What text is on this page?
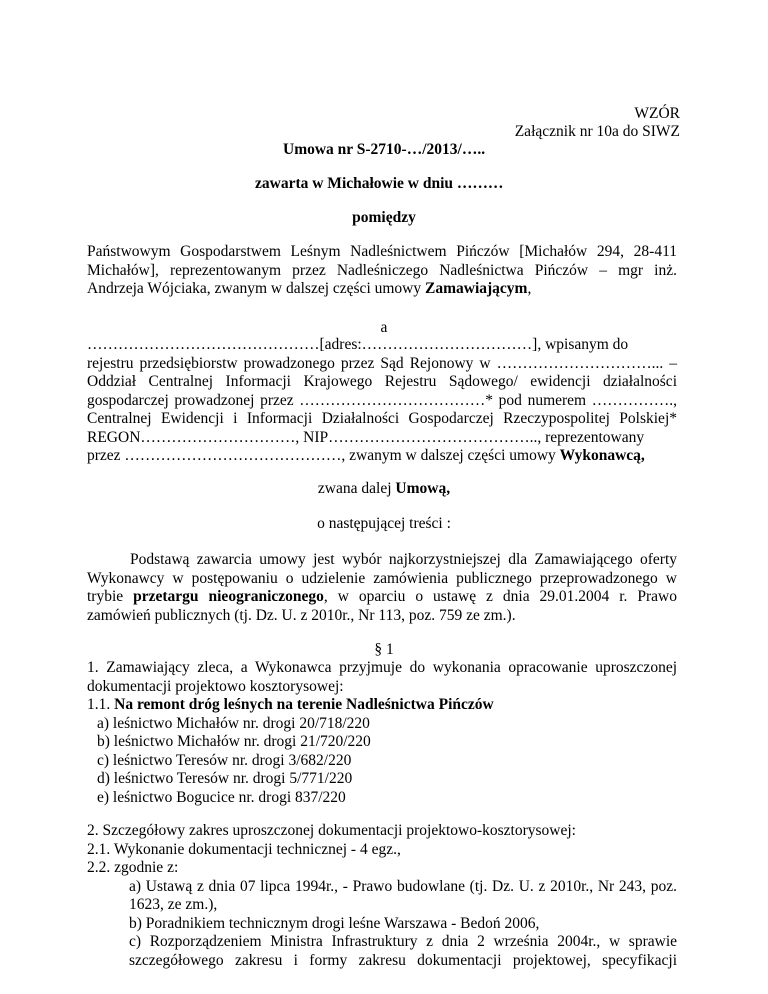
WZÓR
Załącznik nr 10a do SIWZ
Umowa nr S-2710-…/2013/…..
zawarta w Michałowie w dniu ………
pomiędzy
Państwowym Gospodarstwem Leśnym Nadleśnictwem Pińczów [Michałów 294, 28-411
Michałów], reprezentowanym przez Nadleśniczego Nadleśnictwa Pińczów – mgr inż.
Andrzeja Wójciaka, zwanym w dalszej części umowy Zamawiającym,
a
………………………………………[adres:……………………………], wpisanym do
rejestru przedsiębiorstw prowadzonego przez Sąd Rejonowy w …………………………... –
Oddział Centralnej Informacji Krajowego Rejestru Sądowego/ ewidencji działalności
gospodarczej prowadzonej przez ………………………………* pod numerem …………….,
Centralnej Ewidencji i Informacji Działalności Gospodarczej Rzeczypospolitej Polskiej*
REGON…………………………, NIP………………………………….., reprezentowany
przez ……………………………………, zwanym w dalszej części umowy Wykonawcą,
zwana dalej Umową,
o następującej treści :
Podstawą zawarcia umowy jest wybór najkorzystniejszej dla Zamawiającego oferty
Wykonawcy w postępowaniu o udzielenie zamówienia publicznego przeprowadzonego w
trybie przetargu nieograniczonego, w oparciu o ustawę z dnia 29.01.2004 r. Prawo
zamówień publicznych (tj. Dz. U. z 2010r., Nr 113, poz. 759 ze zm.).
§ 1
1. Zamawiający zleca, a Wykonawca przyjmuje do wykonania opracowanie uproszczonej
dokumentacji projektowo kosztorysowej:
1.1. Na remont dróg leśnych na terenie Nadleśnictwa Pińczów
a) leśnictwo Michałów nr. drogi 20/718/220
b) leśnictwo Michałów nr. drogi 21/720/220
c) leśnictwo Teresów nr. drogi 3/682/220
d) leśnictwo Teresów nr. drogi 5/771/220
e) leśnictwo Bogucice nr. drogi 837/220
2. Szczegółowy zakres uproszczonej dokumentacji projektowo-kosztorysowej:
2.1. Wykonanie dokumentacji technicznej - 4 egz.,
2.2. zgodnie z:
a) Ustawą z dnia 07 lipca 1994r., - Prawo budowlane (tj. Dz. U. z 2010r., Nr 243, poz.
1623, ze zm.),
b) Poradnikiem technicznym drogi leśne Warszawa - Bedoń 2006,
c) Rozporządzeniem Ministra Infrastruktury z dnia 2 września 2004r., w sprawie
szczegółowego zakresu i formy zakresu dokumentacji projektowej, specyfikacji
